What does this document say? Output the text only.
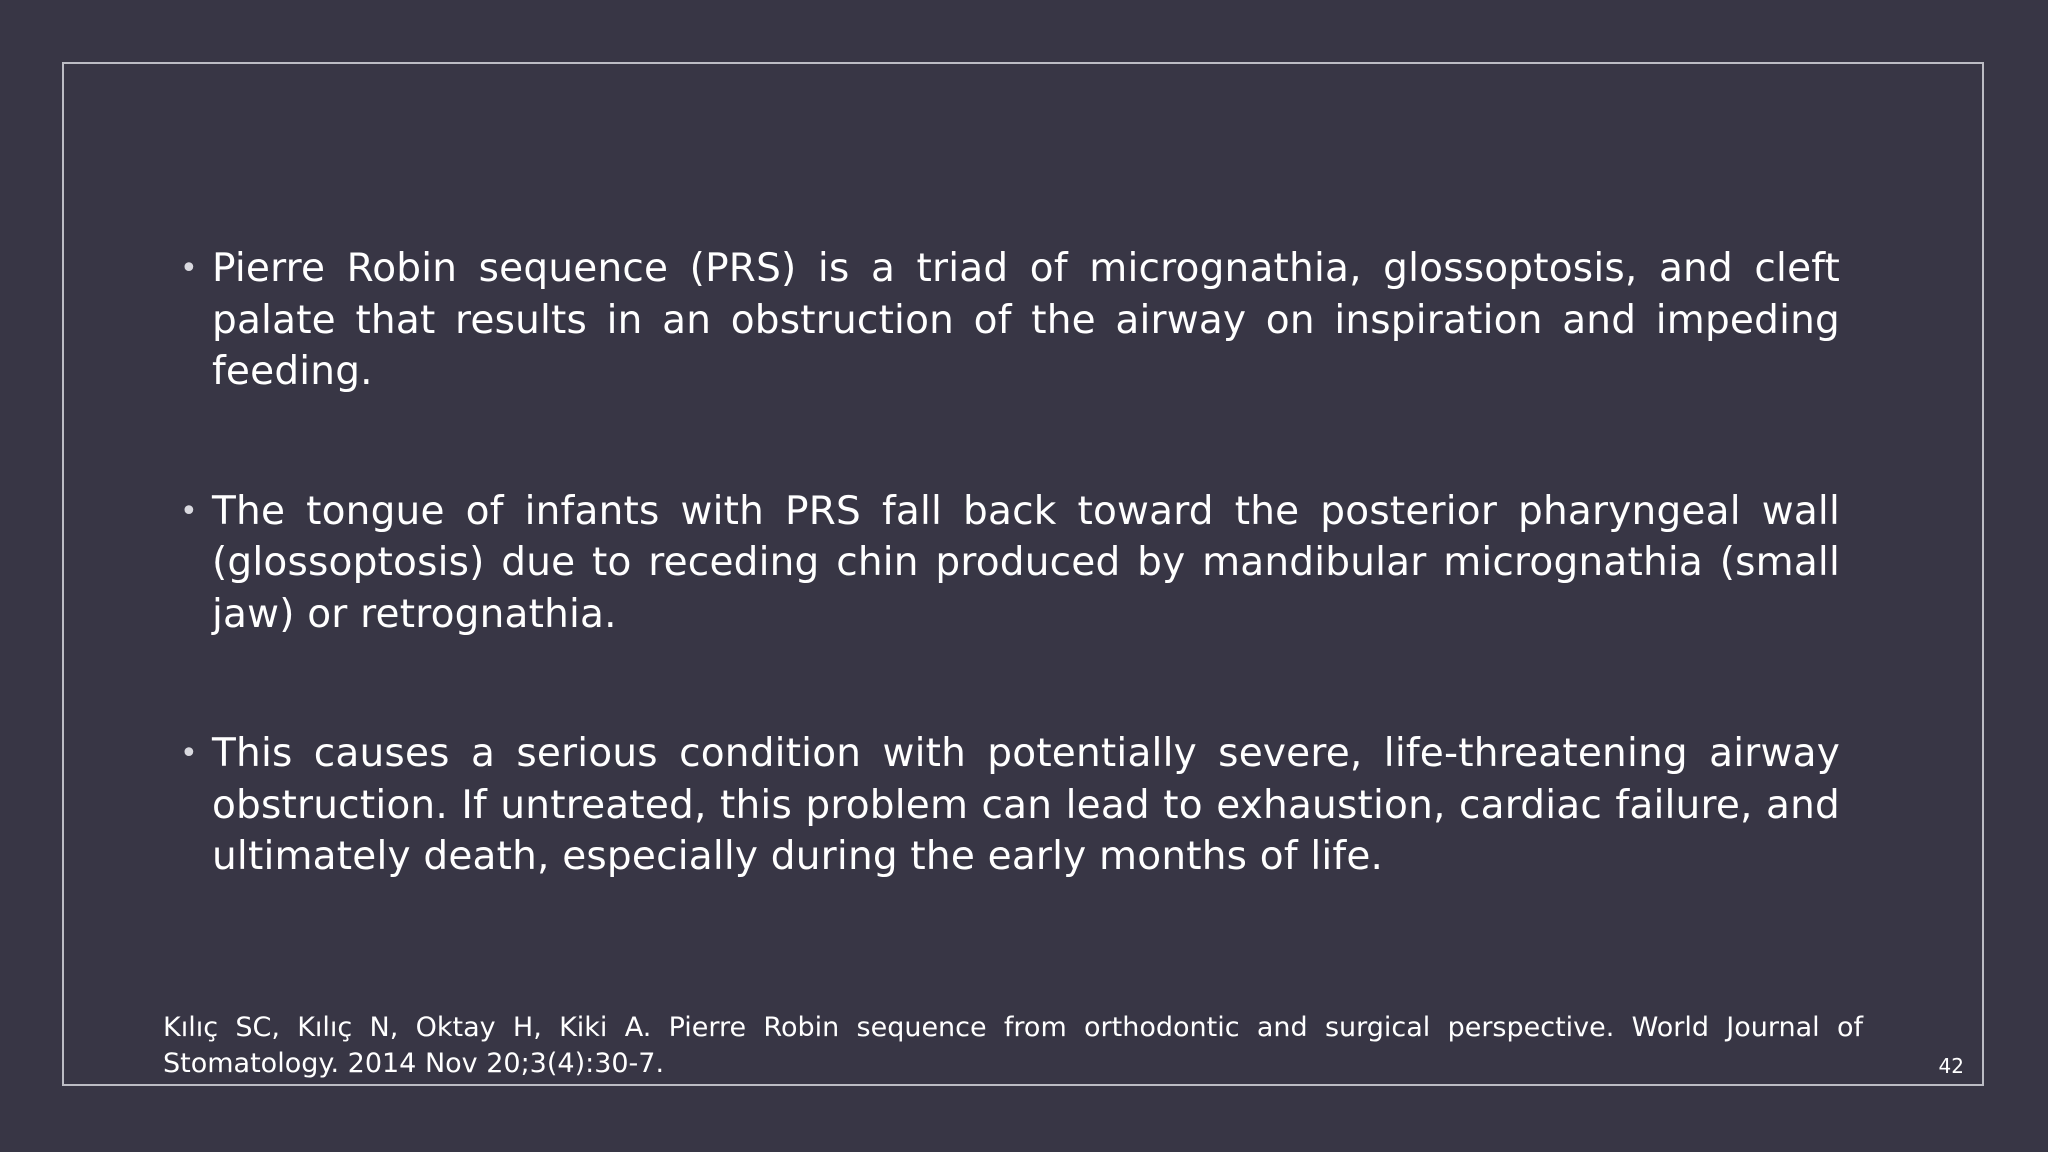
• Pierre Robin sequence (PRS) is a triad of micrognathia, glossoptosis, and cleft palate that results in an obstruction of the airway on inspiration and impeding feeding.
• The tongue of infants with PRS fall back toward the posterior pharyngeal wall (glossoptosis) due to receding chin produced by mandibular micrognathia (small jaw) or retrognathia.
• This causes a serious condition with potentially severe, life-threatening airway obstruction. If untreated, this problem can lead to exhaustion, cardiac failure, and ultimately death, especially during the early months of life.
Kılıç SC, Kılıç N, Oktay H, Kiki A. Pierre Robin sequence from orthodontic and surgical perspective. World Journal of Stomatology. 2014 Nov 20;3(4):30-7.	42
